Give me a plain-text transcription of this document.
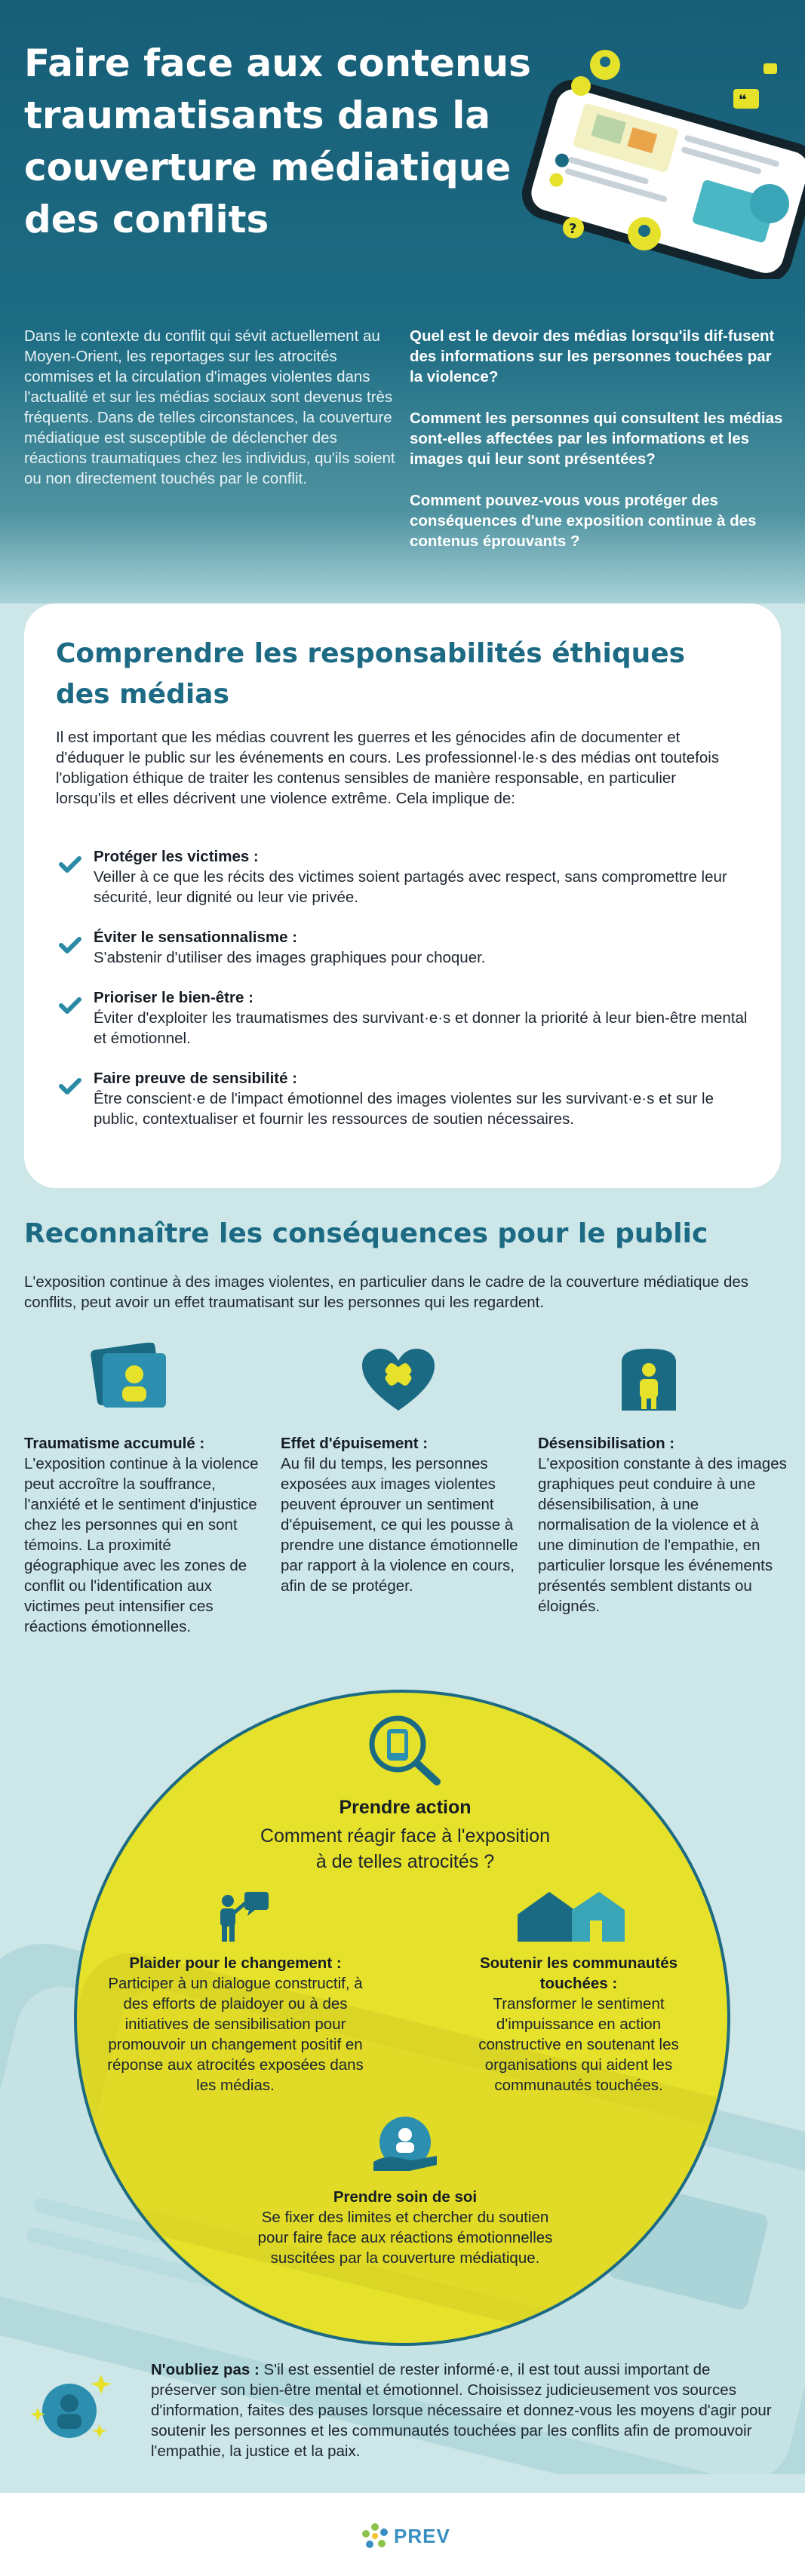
Faire face aux contenus traumatisants dans la couverture médiatique des conflits	?
❝

Dans le contexte du conflit qui sévit actuellement au Moyen-Orient, les reportages sur les atrocités commises et la circulation d'images violentes dans l'actualité et sur les médias sociaux sont devenus très fréquents. Dans de telles circonstances, la couverture médiatique est susceptible de déclencher des réactions traumatiques chez les individus, qu'ils soient ou non directement touchés par le conflit.

Quel est le devoir des médias lorsqu'ils dif-fusent des informations sur les personnes touchées par la violence?

Comment les personnes qui consultent les médias sont-elles affectées par les informations et les images qui leur sont présentées?

Comment pouvez-vous vous protéger des conséquences d'une exposition continue à des contenus éprouvants ?

Comprendre les responsabilités éthiques des médias

Il est important que les médias couvrent les guerres et les génocides afin de documenter et d'éduquer le public sur les événements en cours. Les professionnel·le·s des médias ont toutefois l'obligation éthique de traiter les contenus sensibles de manière responsable, en particulier lorsqu'ils et elles décrivent une violence extrême. Cela implique de:

Protéger les victimes :
Veiller à ce que les récits des victimes soient partagés avec respect, sans compromettre leur sécurité, leur dignité ou leur vie privée.
Éviter le sensationnalisme :
S'abstenir d'utiliser des images graphiques pour choquer.
Prioriser le bien-être :
Éviter d'exploiter les traumatismes des survivant·e·s et donner la priorité à leur bien-être mental et émotionnel.
Faire preuve de sensibilité :
Être conscient·e de l'impact émotionnel des images violentes sur les survivant·e·s et sur le public, contextualiser et fournir les ressources de soutien nécessaires.
Reconnaître les conséquences pour le public

L'exposition continue à des images violentes, en particulier dans le cadre de la couverture médiatique des conflits, peut avoir un effet traumatisant sur les personnes qui les regardent.

Traumatisme accumulé :
L'exposition continue à la violence peut accroître la souffrance, l'anxiété et le sentiment d'injustice chez les personnes qui en sont témoins. La proximité géographique avec les zones de conflit ou l'identification aux victimes peut intensifier ces réactions émotionnelles.
Effet d'épuisement :
Au fil du temps, les personnes exposées aux images violentes peuvent éprouver un sentiment d'épuisement, ce qui les pousse à prendre une distance émotionnelle par rapport à la violence en cours, afin de se protéger.
Désensibilisation :
L'exposition constante à des images graphiques peut conduire à une désensibilisation, à une normalisation de la violence et à une diminution de l'empathie, en particulier lorsque les événements présentés semblent distants ou éloignés.

Prendre action

Comment réagir face à l'exposition

à de telles atrocités ?

Plaider pour le changement :
Participer à un dialogue constructif, à des efforts de plaidoyer ou à des initiatives de sensibilisation pour promouvoir un changement positif en réponse aux atrocités exposées dans les médias.
Soutenir les communautés touchées :
Transformer le sentiment d'impuissance en action constructive en soutenant les organisations qui aident les communautés touchées.
Prendre soin de soi
Se fixer des limites et chercher du soutien pour faire face aux réactions émotionnelles suscitées par la couverture médiatique.

N'oubliez pas : S'il est essentiel de rester informé·e, il est tout aussi important de préserver son bien-être mental et émotionnel. Choisissez judicieusement vos sources d'information, faites des pauses lorsque nécessaire et donnez-vous les moyens d'agir pour soutenir les personnes et les communautés touchées par les conflits afin de promouvoir l'empathie, la justice et la paix.

PREV
